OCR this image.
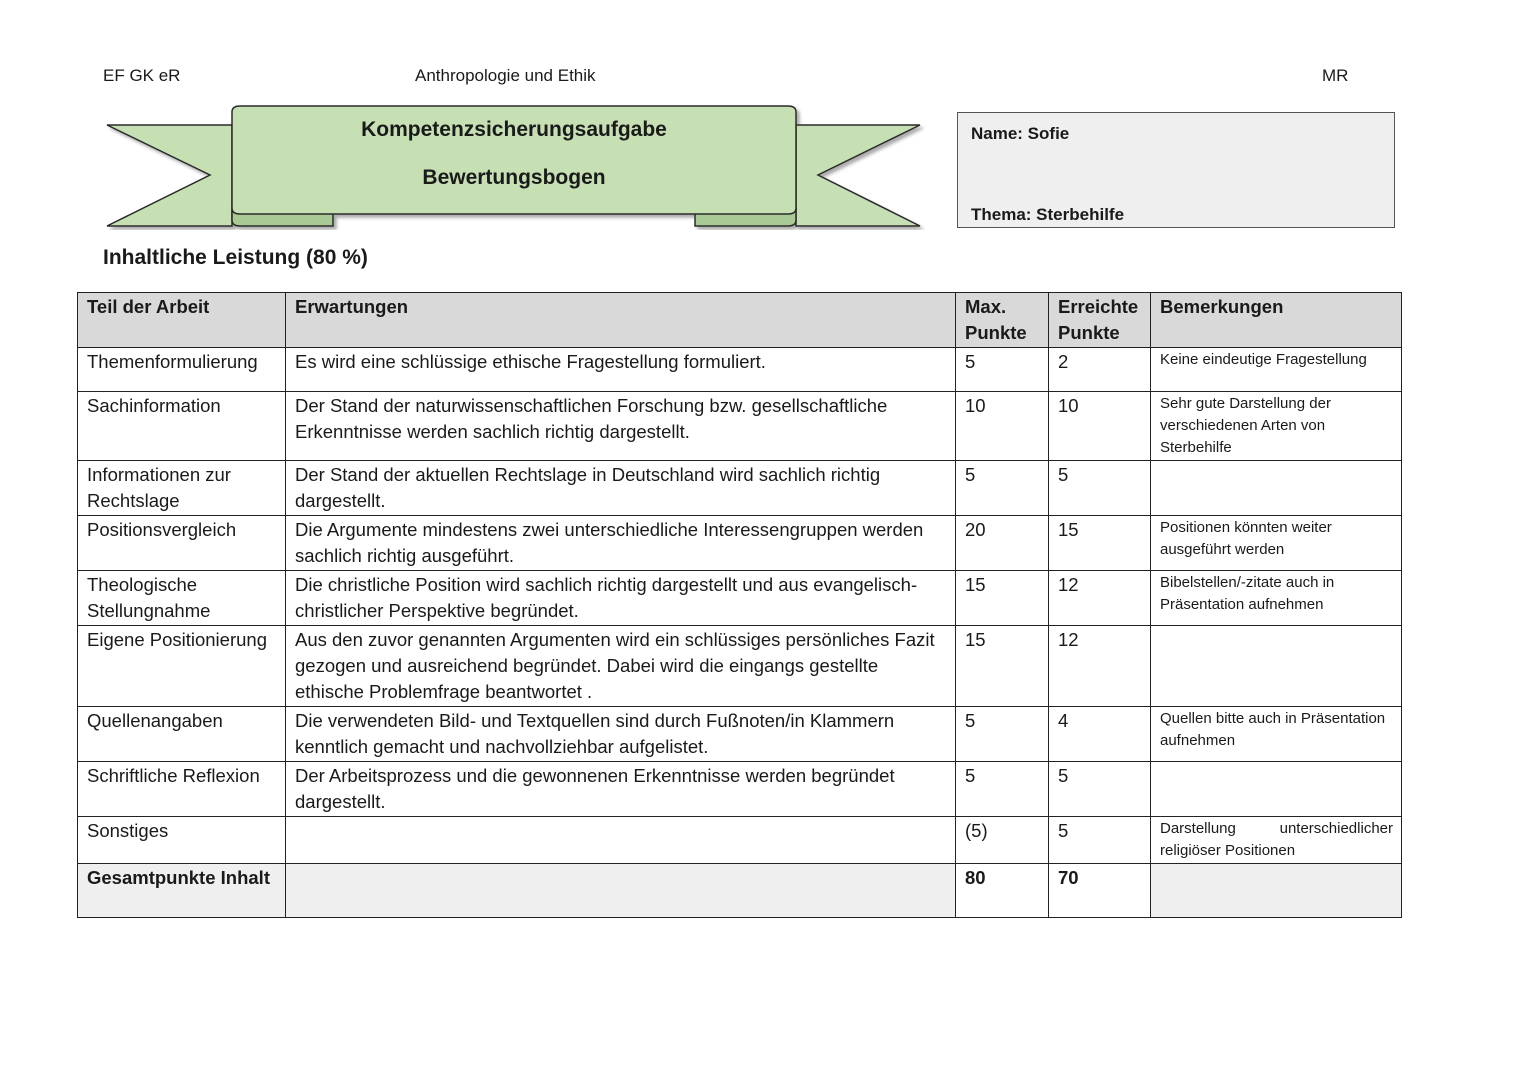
EF GK eR	Anthropologie und Ethik	MR
Kompetenzsicherungsaufgabe
Bewertungsbogen
Name: Sofie
Thema: Sterbehilfe
Inhaltliche Leistung (80 %)
Teil der Arbeit	Erwartungen	Max. Punkte	Erreichte Punkte	Bemerkungen
Themenformulierung	Es wird eine schlüssige ethische Fragestellung formuliert.	5	2	Keine eindeutige Fragestellung
Sachinformation	Der Stand der naturwissenschaftlichen Forschung bzw. gesellschaftliche Erkenntnisse werden sachlich richtig dargestellt.	10	10	Sehr gute Darstellung der verschiedenen Arten von Sterbehilfe
Informationen zur Rechtslage	Der Stand der aktuellen Rechtslage in Deutschland wird sachlich richtig dargestellt.	5	5	
Positionsvergleich	Die Argumente mindestens zwei unterschiedliche Interessengruppen werden sachlich richtig ausgeführt.	20	15	Positionen könnten weiter ausgeführt werden
Theologische Stellungnahme	Die christliche Position wird sachlich richtig dargestellt und aus evangelisch-christlicher Perspektive begründet.	15	12	Bibelstellen/-zitate auch in Präsentation aufnehmen
Eigene Positionierung	Aus den zuvor genannten Argumenten wird ein schlüssiges persönliches Fazit gezogen und ausreichend begründet. Dabei wird die eingangs gestellte ethische Problemfrage beantwortet .	15	12	
Quellenangaben	Die verwendeten Bild- und Textquellen sind durch Fußnoten/in Klammern kenntlich gemacht und nachvollziehbar aufgelistet.	5	4	Quellen bitte auch in Präsentation aufnehmen
Schriftliche Reflexion	Der Arbeitsprozess und die gewonnenen Erkenntnisse werden begründet dargestellt.	5	5	
Sonstiges		(5)	5	Darstellung unterschiedlicher religiöser Positionen
Gesamtpunkte Inhalt		80	70	
